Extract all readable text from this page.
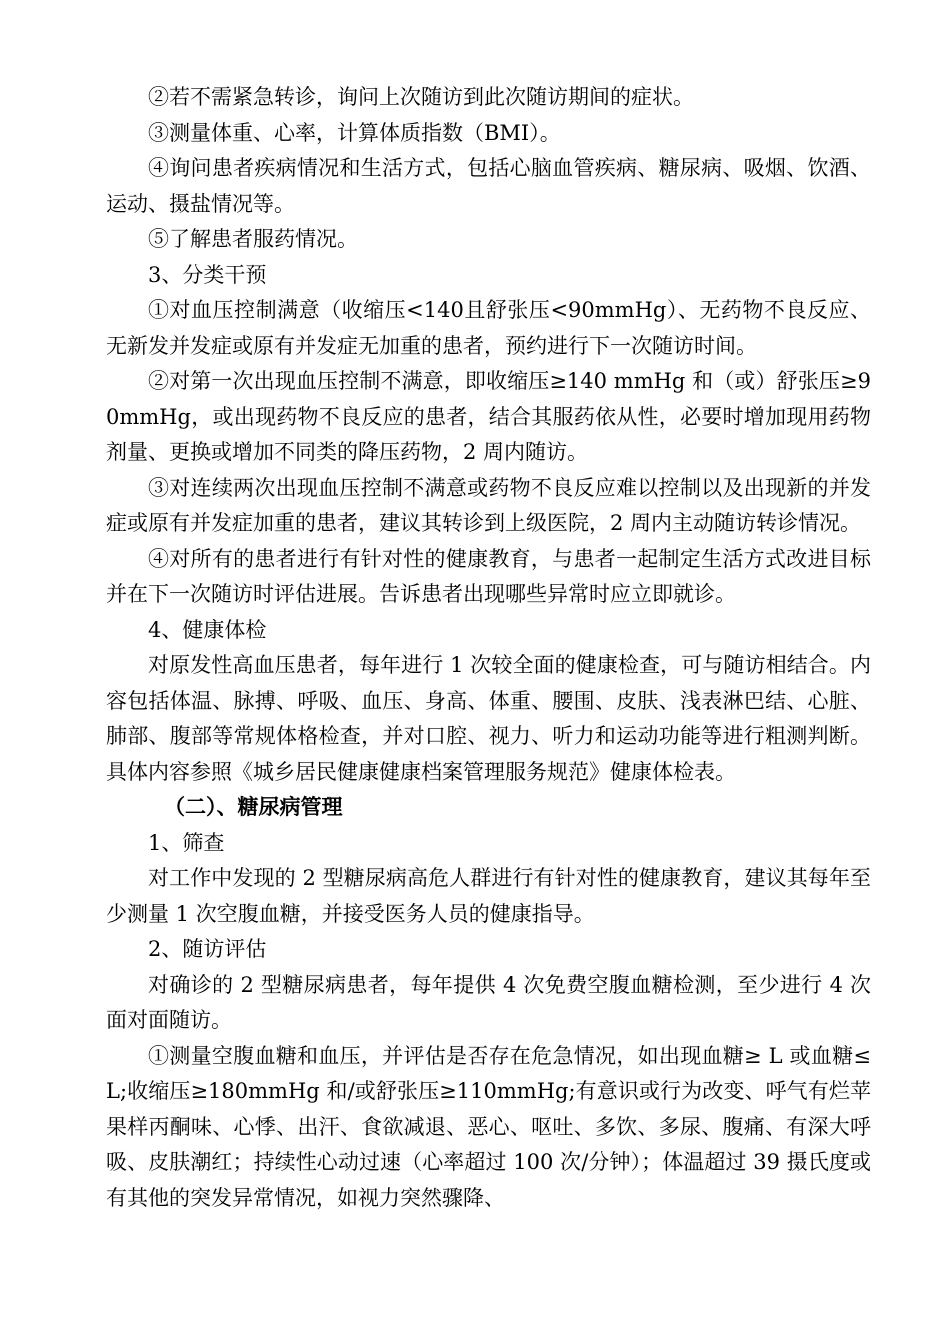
②若不需紧急转诊，询问上次随访到此次随访期间的症状。

③测量体重、心率，计算体质指数（BMI）。

④询问患者疾病情况和生活方式，包括心脑血管疾病、糖尿病、吸烟、饮酒、运动、摄盐情况等。

⑤了解患者服药情况。

3、分类干预

①对血压控制满意（收缩压<140且舒张压<90mmHg）、无药物不良反应、无新发并发症或原有并发症无加重的患者，预约进行下一次随访时间。

②对第一次出现血压控制不满意，即收缩压≥140 mmHg 和（或）舒张压≥90mmHg，或出现药物不良反应的患者，结合其服药依从性，必要时增加现用药物剂量、更换或增加不同类的降压药物，2 周内随访。

③对连续两次出现血压控制不满意或药物不良反应难以控制以及出现新的并发症或原有并发症加重的患者，建议其转诊到上级医院，2 周内主动随访转诊情况。

④对所有的患者进行有针对性的健康教育，与患者一起制定生活方式改进目标并在下一次随访时评估进展。告诉患者出现哪些异常时应立即就诊。

4、健康体检

对原发性高血压患者，每年进行 1 次较全面的健康检查，可与随访相结合。内容包括体温、脉搏、呼吸、血压、身高、体重、腰围、皮肤、浅表淋巴结、心脏、肺部、腹部等常规体格检查，并对口腔、视力、听力和运动功能等进行粗测判断。具体内容参照《城乡居民健康健康档案管理服务规范》健康体检表。

（二）、糖尿病管理

1、筛查

对工作中发现的 2 型糖尿病高危人群进行有针对性的健康教育，建议其每年至少测量 1 次空腹血糖，并接受医务人员的健康指导。

2、随访评估

对确诊的 2 型糖尿病患者，每年提供 4 次免费空腹血糖检测，至少进行 4 次面对面随访。

①测量空腹血糖和血压，并评估是否存在危急情况，如出现血糖≥ L 或血糖≤L;收缩压≥180mmHg 和/或舒张压≥110mmHg;有意识或行为改变、呼气有烂苹果样丙酮味、心悸、出汗、食欲减退、恶心、呕吐、多饮、多尿、腹痛、有深大呼吸、皮肤潮红；持续性心动过速（心率超过 100 次/分钟）；体温超过 39 摄氏度或有其他的突发异常情况，如视力突然骤降、
